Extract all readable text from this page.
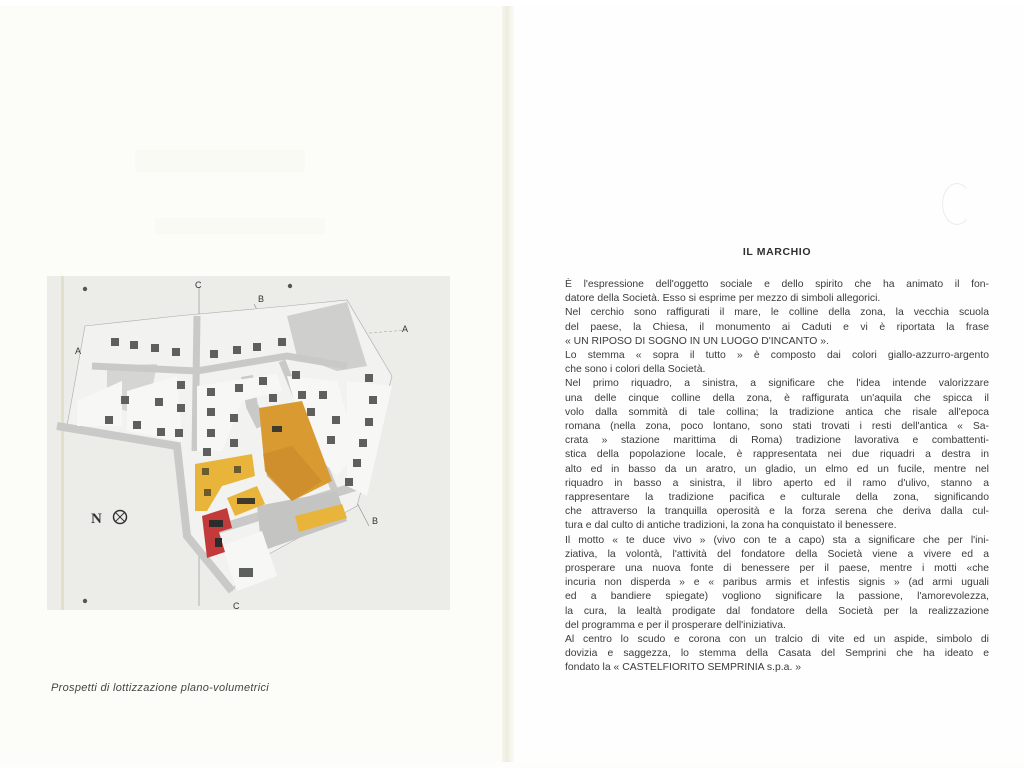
C
B
A
A
B
C
N
Prospetti di lottizzazione plano-volumetrici
IL MARCHIO

È l'espressione dell'oggetto sociale e dello spirito che ha animato il fon-
datore della Società. Esso si esprime per mezzo di simboli allegorici.

Nel cerchio sono raffigurati il mare, le colline della zona, la vecchia scuola
del paese, la Chiesa, il monumento ai Caduti e vi è riportata la frase
« UN RIPOSO DI SOGNO IN UN LUOGO D'INCANTO ».

Lo stemma « sopra il tutto » è composto dai colori giallo-azzurro-argento
che sono i colori della Società.

Nel primo riquadro, a sinistra, a significare che l'idea intende valorizzare
una delle cinque colline della zona, è raffigurata un'aquila che spicca il
volo dalla sommità di tale collina; la tradizione antica che risale all'epoca
romana (nella zona, poco lontano, sono stati trovati i resti dell'antica « Sa-
crata » stazione marittima di Roma) tradizione lavorativa e combattenti-
stica della popolazione locale, è rappresentata nei due riquadri a destra in
alto ed in basso da un aratro, un gladio, un elmo ed un fucile, mentre nel
riquadro in basso a sinistra, il libro aperto ed il ramo d'ulivo, stanno a
rappresentare la tradizione pacifica e culturale della zona, significando
che attraverso la tranquilla operosità e la forza serena che deriva dalla cul-
tura e dal culto di antiche tradizioni, la zona ha conquistato il benessere.

Il motto « te duce vivo » (vivo con te a capo) sta a significare che per l'ini-
ziativa, la volontà, l'attività del fondatore della Società viene a vivere ed a
prosperare una nuova fonte di benessere per il paese, mentre i motti «che
incuria non disperda » e « paribus armis et infestis signis » (ad armi uguali
ed a bandiere spiegate) vogliono significare la passione, l'amorevolezza,
la cura, la lealtà prodigate dal fondatore della Società per la realizzazione
del programma e per il prosperare dell'iniziativa.

Al centro lo scudo e corona con un tralcio di vite ed un aspide, simbolo di
dovizia e saggezza, lo stemma della Casata del Semprini che ha ideato e
fondato la « CASTELFIORITO SEMPRINIA s.p.a. »
